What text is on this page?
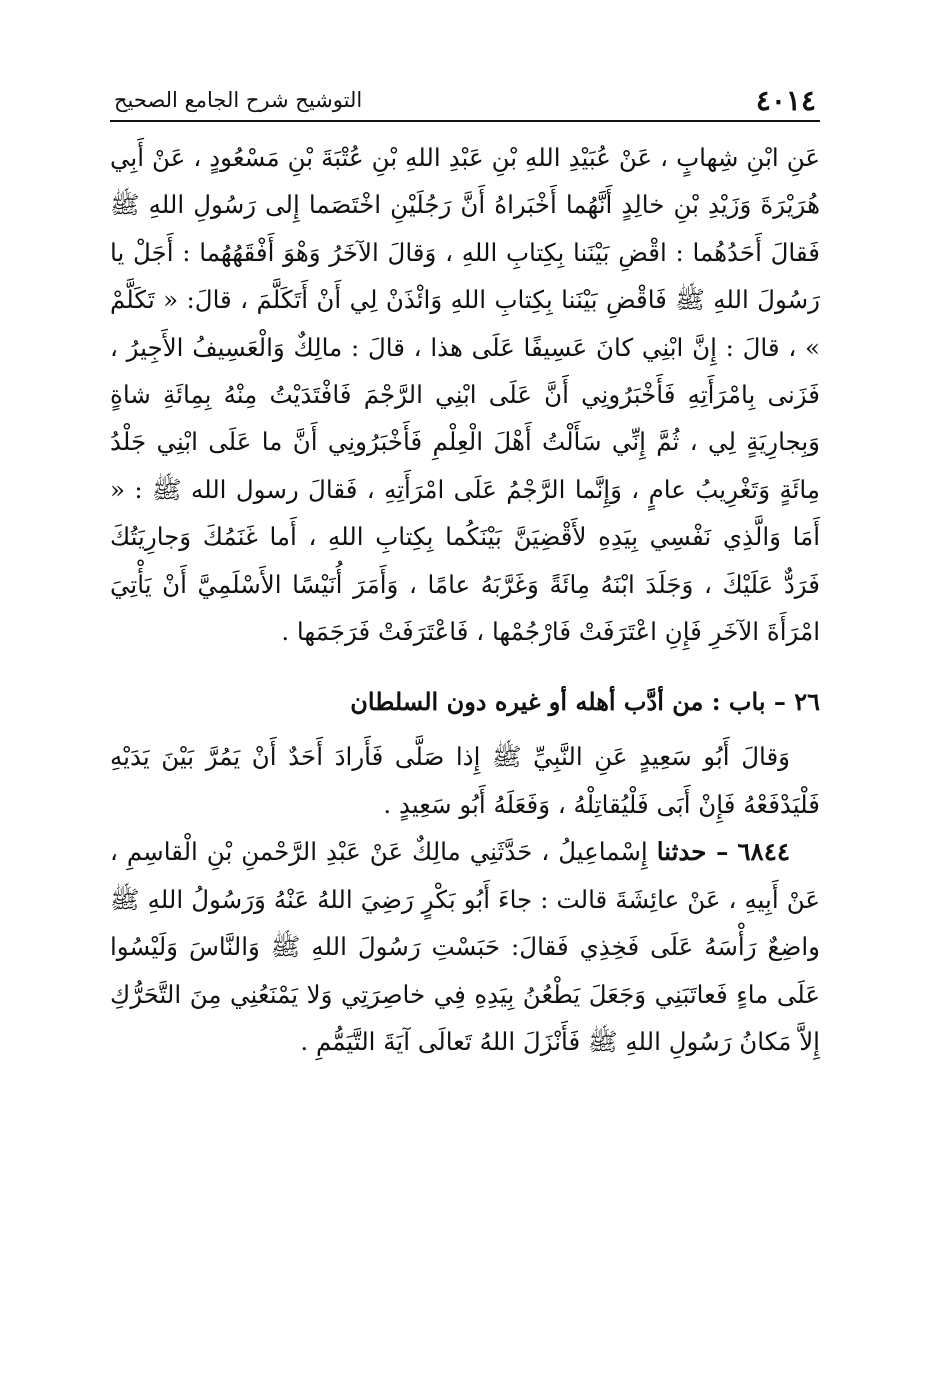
٤٠١٤
التوشيح شرح الجامع الصحيح

عَنِ ابْنِ شِهابٍ ، عَنْ عُبَيْدِ اللهِ بْنِ عَبْدِ اللهِ بْنِ عُتْبَةَ بْنِ مَسْعُودٍ ، عَنْ أَبِي هُرَيْرَةَ وَزَيْدِ بْنِ خالِدٍ أَنَّهُما أَخْبَراهُ أَنَّ رَجُلَيْنِ اخْتَصَما إِلى رَسُولِ اللهِ ﷺ فَقالَ أَحَدُهُما : اقْضِ بَيْنَنا بِكِتابِ اللهِ ، وَقالَ الآخَرُ وَهْوَ أَفْقَهُهُما : أَجَلْ يا رَسُولَ اللهِ ﷺ فَاقْضِ بَيْنَنا بِكِتابِ اللهِ وَائْذَنْ لِي أَنْ أَتَكَلَّمَ ، قالَ: « تَكَلَّمْ » ، قالَ : إِنَّ ابْنِي كانَ عَسِيفًا عَلَى هذا ، قالَ : مالِكٌ وَالْعَسِيفُ الأَجِيرُ ، فَزَنى بِامْرَأَتِهِ فَأَخْبَرُونِي أَنَّ عَلَى ابْنِي الرَّجْمَ فَافْتَدَيْتُ مِنْهُ بِمِائَةِ شاةٍ وَبِجارِيَةٍ لِي ، ثُمَّ إِنِّي سَأَلْتُ أَهْلَ الْعِلْمِ فَأَخْبَرُونِي أَنَّ ما عَلَى ابْنِي جَلْدُ مِائَةٍ وَتَغْرِيبُ عامٍ ، وَإِنَّما الرَّجْمُ عَلَى امْرَأَتِهِ ، فَقالَ رسول الله ﷺ : « أَمَا وَالَّذِي نَفْسِي بِيَدِهِ لأَقْضِيَنَّ بَيْنَكُما بِكِتابِ اللهِ ، أَما غَنَمُكَ وَجارِيَتُكَ فَرَدٌّ عَلَيْكَ ، وَجَلَدَ ابْنَهُ مِائَةً وَغَرَّبَهُ عامًا ، وَأَمَرَ أُنَيْسًا الأَسْلَمِيَّ أَنْ يَأْتِيَ امْرَأَةَ الآخَرِ فَإِنِ اعْتَرَفَتْ فَارْجُمْها ، فَاعْتَرَفَتْ فَرَجَمَها .

٢٦ – باب : من أدَّب أهله أو غيره دون السلطان

وَقالَ أَبُو سَعِيدٍ عَنِ النَّبِيِّ ﷺ إِذا صَلَّى فَأَرادَ أَحَدٌ أَنْ يَمُرَّ بَيْنَ يَدَيْهِ فَلْيَدْفَعْهُ فَإِنْ أَبَى فَلْيُقاتِلْهُ ، وَفَعَلَهُ أَبُو سَعِيدٍ .

٦٨٤٤ – حدثنا إِسْماعِيلُ ، حَدَّثَنِي مالِكٌ عَنْ عَبْدِ الرَّحْمنِ بْنِ الْقاسِمِ ، عَنْ أَبِيهِ ، عَنْ عائِشَةَ قالت : جاءَ أَبُو بَكْرٍ رَضِيَ اللهُ عَنْهُ وَرَسُولُ اللهِ ﷺ واضِعٌ رَأْسَهُ عَلَى فَخِذِي فَقالَ: حَبَسْتِ رَسُولَ اللهِ ﷺ وَالنَّاسَ وَلَيْسُوا عَلَى ماءٍ فَعاتَبَنِي وَجَعَلَ يَطْعُنُ بِيَدِهِ فِي خاصِرَتِي وَلا يَمْنَعُنِي مِنَ التَّحَرُّكِ إِلاَّ مَكانُ رَسُولِ اللهِ ﷺ فَأَنْزَلَ اللهُ تَعالَى آيَةَ التَّيَمُّمِ .
